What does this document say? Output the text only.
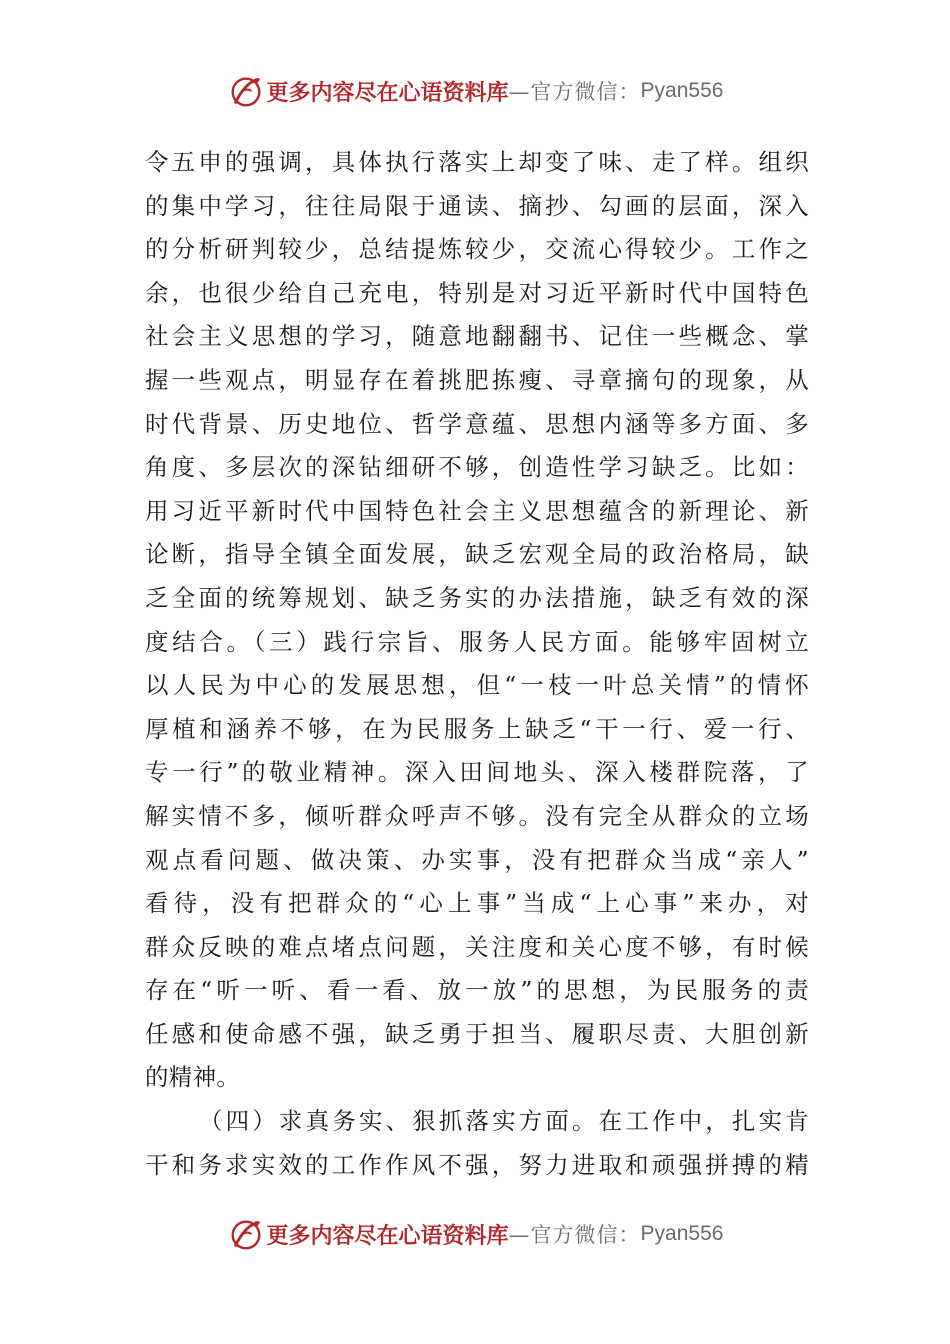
更多内容尽在心语资料库 —官方微信： Pyan556
令五申的强调，具体执行落实上却变了味、走了样。组织
的集中学习，往往局限于通读、摘抄、勾画的层面，深入
的分析研判较少，总结提炼较少，交流心得较少。工作之
余，也很少给自己充电，特别是对习近平新时代中国特色
社会主义思想的学习，随意地翻翻书、记住一些概念、掌
握一些观点，明显存在着挑肥拣瘦、寻章摘句的现象，从
时代背景、历史地位、哲学意蕴、思想内涵等多方面、多
角度、多层次的深钻细研不够，创造性学习缺乏。比如：
用习近平新时代中国特色社会主义思想蕴含的新理论、新
论断，指导全镇全面发展，缺乏宏观全局的政治格局，缺
乏全面的统筹规划、缺乏务实的办法措施，缺乏有效的深
度结合。（三）践行宗旨、服务人民方面。能够牢固树立
以人民为中心的发展思想，但“一枝一叶总关情”的情怀
厚植和涵养不够，在为民服务上缺乏“干一行、爱一行、
专一行”的敬业精神。深入田间地头、深入楼群院落，了
解实情不多，倾听群众呼声不够。没有完全从群众的立场
观点看问题、做决策、办实事，没有把群众当成“亲人”
看待，没有把群众的“心上事”当成“上心事”来办，对
群众反映的难点堵点问题，关注度和关心度不够，有时候
存在“听一听、看一看、放一放”的思想，为民服务的责
任感和使命感不强，缺乏勇于担当、履职尽责、大胆创新
的精神。
（四）求真务实、狠抓落实方面。在工作中，扎实肯
干和务求实效的工作作风不强，努力进取和顽强拼搏的精
更多内容尽在心语资料库 —官方微信： Pyan556
